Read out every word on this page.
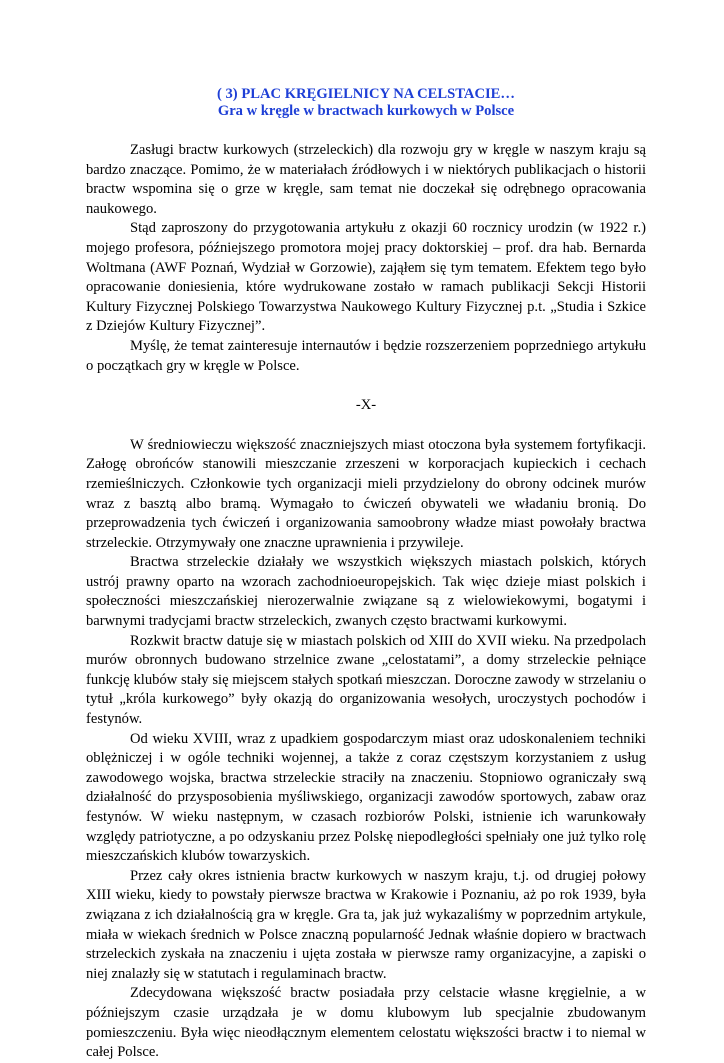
( 3) PLAC KRĘGIELNICY NA CELSTACIE…

Gra w kręgle w bractwach kurkowych w Polsce

Zasługi bractw kurkowych (strzeleckich) dla rozwoju gry w kręgle w naszym kraju są bardzo znaczące. Pomimo, że w materiałach źródłowych i w niektórych publikacjach o historii bractw wspomina się o grze w kręgle, sam temat nie doczekał się odrębnego opracowania naukowego.

Stąd zaproszony do przygotowania artykułu z okazji 60 rocznicy urodzin (w 1922 r.) mojego profesora, późniejszego promotora mojej pracy doktorskiej – prof. dra hab. Bernarda Woltmana (AWF Poznań, Wydział w Gorzowie), zająłem się tym tematem. Efektem tego było opracowanie doniesienia, które wydrukowane zostało w ramach publikacji Sekcji Historii Kultury Fizycznej Polskiego Towarzystwa Naukowego Kultury Fizycznej p.t. „Studia i Szkice z Dziejów Kultury Fizycznej”.

Myślę, że temat zainteresuje internautów i będzie rozszerzeniem poprzedniego artykułu o początkach gry w kręgle w Polsce.

-X-

W średniowieczu większość znaczniejszych miast otoczona była systemem fortyfikacji. Załogę obrońców stanowili mieszczanie zrzeszeni w korporacjach kupieckich i cechach rzemieślniczych. Członkowie tych organizacji mieli przydzielony do obrony odcinek murów wraz z basztą albo bramą. Wymagało to ćwiczeń obywateli we władaniu bronią. Do przeprowadzenia tych ćwiczeń i organizowania samoobrony władze miast powołały bractwa strzeleckie. Otrzymywały one znaczne uprawnienia i przywileje.

Bractwa strzeleckie działały we wszystkich większych miastach polskich, których ustrój prawny oparto na wzorach zachodnioeuropejskich. Tak więc dzieje miast polskich i społeczności mieszczańskiej nierozerwalnie związane są z wielowiekowymi, bogatymi i barwnymi tradycjami bractw strzeleckich, zwanych często bractwami kurkowymi.

Rozkwit bractw datuje się w miastach polskich od XIII do XVII wieku. Na przedpolach murów obronnych budowano strzelnice zwane „celostatami”, a domy strzeleckie pełniące funkcję klubów stały się miejscem stałych spotkań mieszczan. Doroczne zawody w strzelaniu o tytuł „króla kurkowego” były okazją do organizowania wesołych, uroczystych pochodów i festynów.

Od wieku XVIII, wraz z upadkiem gospodarczym miast oraz udoskonaleniem techniki oblężniczej i w ogóle techniki wojennej, a także z coraz częstszym korzystaniem z usług zawodowego wojska, bractwa strzeleckie straciły na znaczeniu. Stopniowo ograniczały swą działalność do przysposobienia myśliwskiego, organizacji zawodów sportowych, zabaw oraz festynów. W wieku następnym, w czasach rozbiorów Polski, istnienie ich warunkowały względy patriotyczne, a po odzyskaniu przez Polskę niepodległości spełniały one już tylko rolę mieszczańskich klubów towarzyskich.

Przez cały okres istnienia bractw kurkowych w naszym kraju, t.j. od drugiej połowy XIII wieku, kiedy to powstały pierwsze bractwa w Krakowie i Poznaniu, aż po rok 1939, była związana z ich działalnością gra w kręgle. Gra ta, jak już wykazaliśmy w poprzednim artykule, miała w wiekach średnich w Polsce znaczną popularność Jednak właśnie dopiero w bractwach strzeleckich zyskała na znaczeniu i ujęta została w pierwsze ramy organizacyjne, a zapiski o niej znalazły się w statutach i regulaminach bractw.

Zdecydowana większość bractw posiadała przy celstacie własne kręgielnie, a w późniejszym czasie urządzała je w domu klubowym lub specjalnie zbudowanym pomieszczeniu. Była więc nieodłącznym elementem celostatu większości bractw i to niemal w całej Polsce.
